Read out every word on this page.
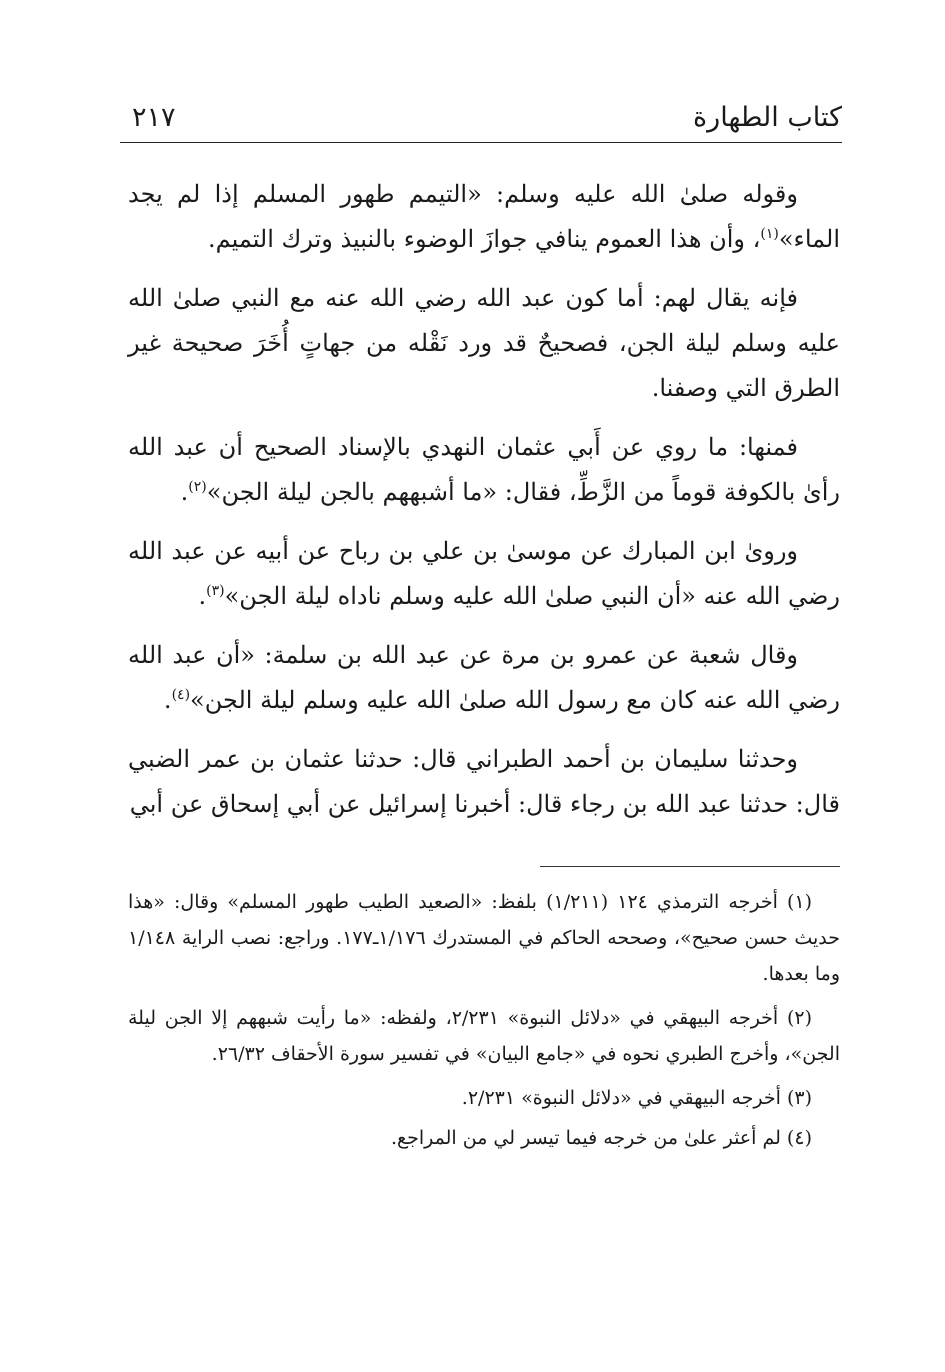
كتاب الطهارة
٢١٧

وقوله صلىٰ الله عليه وسلم: «التيمم طهور المسلم إذا لم يجد الماء»$^{(١)}$، وأن هذا العموم ينافي جوازَ الوضوء بالنبيذ وترك التميم.

فإنه يقال لهم: أما كون عبد الله رضي الله عنه مع النبي صلىٰ الله عليه وسلم ليلة الجن، فصحيحٌ قد ورد نَقْله من جهاتٍ أُخَرَ صحيحة غير الطرق التي وصفنا.

فمنها: ما روي عن أَبي عثمان النهدي بالإسناد الصحيح أن عبد الله رأىٰ بالكوفة قوماً من الزَّطِّ، فقال: «ما أشبههم بالجن ليلة الجن»$^{(٢)}$.

وروىٰ ابن المبارك عن موسىٰ بن علي بن رباح عن أبيه عن عبد الله رضي الله عنه «أن النبي صلىٰ الله عليه وسلم ناداه ليلة الجن»$^{(٣)}$.

وقال شعبة عن عمرو بن مرة عن عبد الله بن سلمة: «أن عبد الله رضي الله عنه كان مع رسول الله صلىٰ الله عليه وسلم ليلة الجن»$^{(٤)}$.

وحدثنا سليمان بن أحمد الطبراني قال: حدثنا عثمان بن عمر الضبي قال: حدثنا عبد الله بن رجاء قال: أخبرنا إسرائيل عن أبي إسحاق عن أبي

(١) أخرجه الترمذي ١٢٤ (١/٢١١) بلفظ: «الصعيد الطيب طهور المسلم» وقال: «هذا حديث حسن صحيح»، وصححه الحاكم في المستدرك ١/١٧٦ـ١٧٧. وراجع: نصب الراية ١/١٤٨ وما بعدها.

(٢) أخرجه البيهقي في «دلائل النبوة» ٢/٢٣١، ولفظه: «ما رأيت شبههم إلا الجن ليلة الجن»، وأخرج الطبري نحوه في «جامع البيان» في تفسير سورة الأحقاف ٢٦/٣٢.

(٣) أخرجه البيهقي في «دلائل النبوة» ٢/٢٣١.

(٤) لم أعثر علىٰ من خرجه فيما تيسر لي من المراجع.
